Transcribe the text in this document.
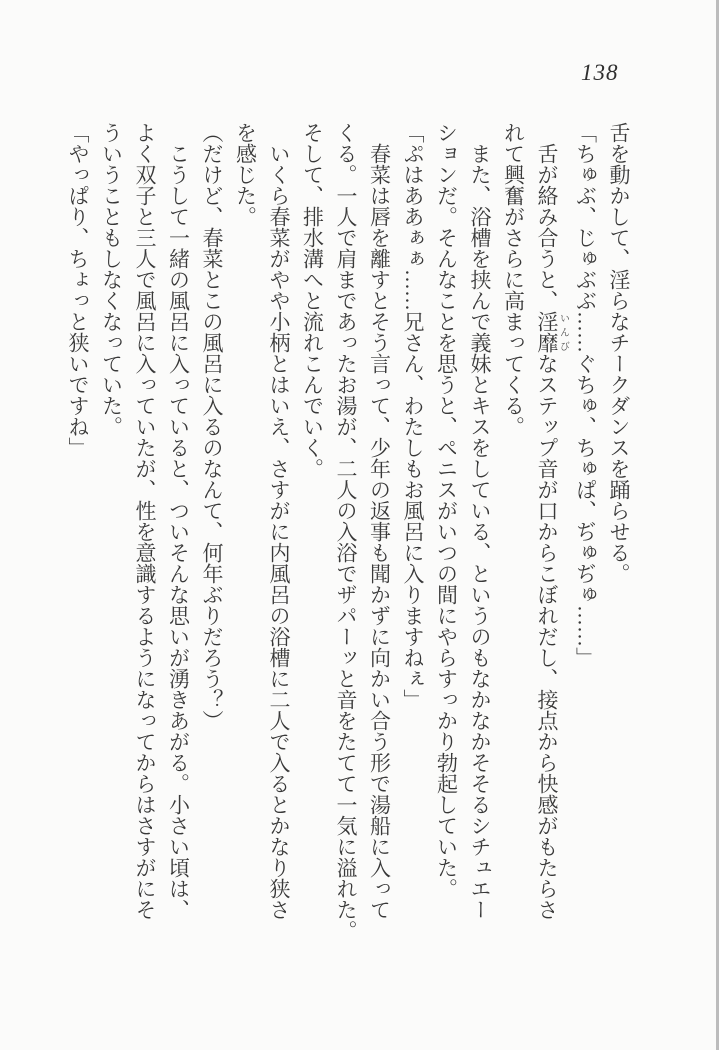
138

舌を動かして、淫らなチークダンスを踊らせる。

「ちゅぶ、じゅぶぶ……ぐちゅ、ちゅぱ、ぢゅぢゅ……」

舌が絡み合うと、淫靡いんびなステップ音が口からこぼれだし、接点から快感がもたらされて興奮がさらに高まってくる。

また、浴槽を挟んで義妹とキスをしている、というのもなかなかそそるシチュエーションだ。そんなことを思うと、ペニスがいつの間にやらすっかり勃起していた。

「ぷはああぁぁ……兄さん、わたしもお風呂に入りますねぇ」

春菜は唇を離すとそう言って、少年の返事も聞かずに向かい合う形で湯船に入ってくる。一人で肩まであったお湯が、二人の入浴でザパーッと音をたてて一気に溢れた。そして、排水溝へと流れこんでいく。

いくら春菜がやや小柄とはいえ、さすがに内風呂の浴槽に二人で入るとかなり狭さを感じた。

（だけど、春菜とこの風呂に入るのなんて、何年ぶりだろう？）

こうして一緒の風呂に入っていると、ついそんな思いが湧きあがる。小さい頃は、よく双子と三人で風呂に入っていたが、性を意識するようになってからはさすがにそういうこともしなくなっていた。

「やっぱり、ちょっと狭いですね」
